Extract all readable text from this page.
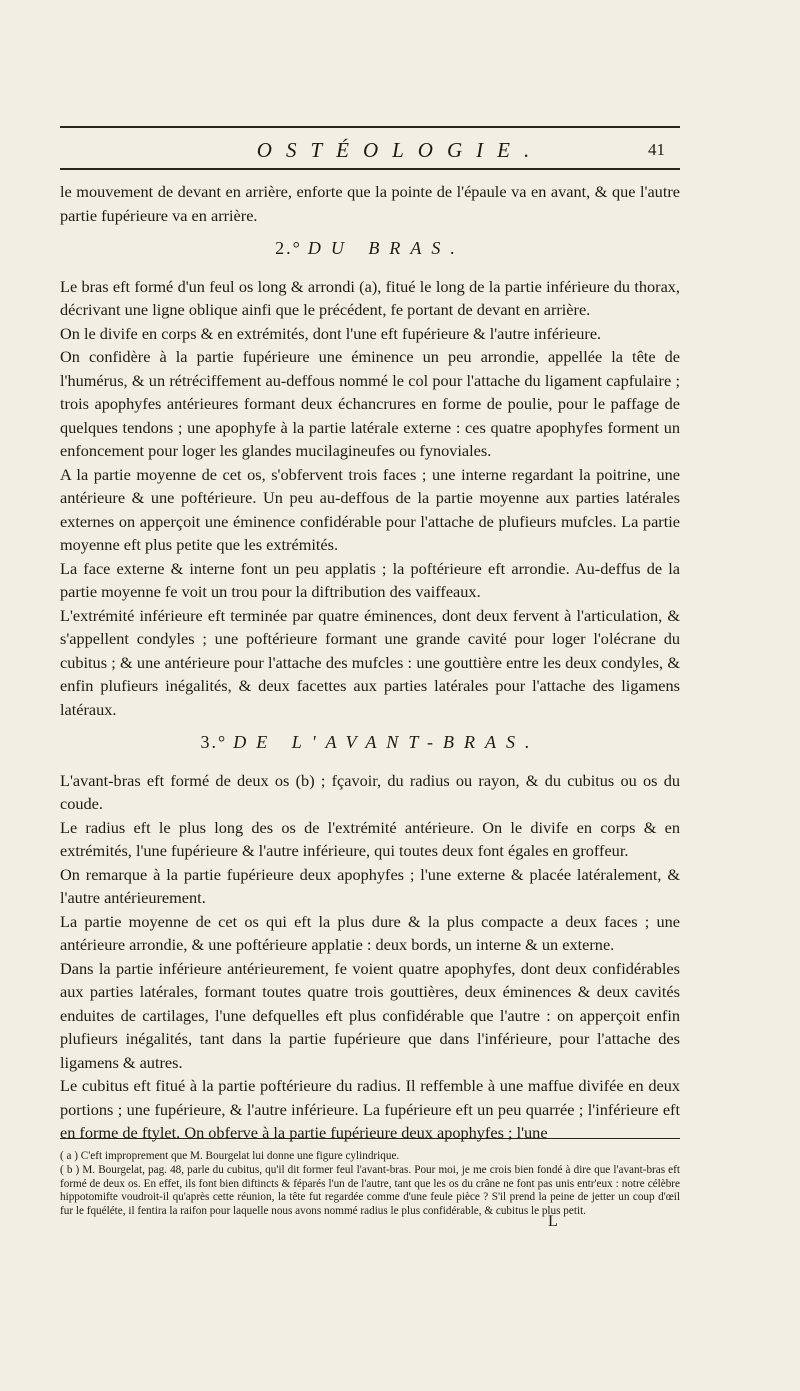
OSTÉOLOGIE.	41

le mouvement de devant en arrière, enforte que la pointe de l'épaule va en avant, & que l'autre partie fupérieure va en arrière.

2.° DU BRAS.

Le bras eft formé d'un feul os long & arrondi (a), fitué le long de la partie inférieure du thorax, décrivant une ligne oblique ainfi que le précédent, fe portant de devant en arrière.

On le divife en corps & en extrémités, dont l'une eft fupérieure & l'autre inférieure.

On confidère à la partie fupérieure une éminence un peu arrondie, appellée la tête de l'humérus, & un rétréciffement au-deffous nommé le col pour l'attache du ligament capfulaire ; trois apophyfes antérieures formant deux échancrures en forme de poulie, pour le paffage de quelques tendons ; une apophyfe à la partie latérale externe : ces quatre apophyfes forment un enfoncement pour loger les glandes mucilagineufes ou fynoviales.

A la partie moyenne de cet os, s'obfervent trois faces ; une interne regardant la poitrine, une antérieure & une poftérieure. Un peu au-deffous de la partie moyenne aux parties latérales externes on apperçoit une éminence confidérable pour l'attache de plufieurs mufcles. La partie moyenne eft plus petite que les extrémités.

La face externe & interne font un peu applatis ; la poftérieure eft arrondie. Au-deffus de la partie moyenne fe voit un trou pour la diftribution des vaiffeaux.

L'extrémité inférieure eft terminée par quatre éminences, dont deux fervent à l'articulation, & s'appellent condyles ; une poftérieure formant une grande cavité pour loger l'olécrane du cubitus ; & une antérieure pour l'attache des mufcles : une gouttière entre les deux condyles, & enfin plufieurs inégalités, & deux facettes aux parties latérales pour l'attache des ligamens latéraux.

3.° DE L'AVANT-BRAS.

L'avant-bras eft formé de deux os (b) ; fçavoir, du radius ou rayon, & du cubitus ou os du coude.

Le radius eft le plus long des os de l'extrémité antérieure. On le divife en corps & en extrémités, l'une fupérieure & l'autre inférieure, qui toutes deux font égales en groffeur.

On remarque à la partie fupérieure deux apophyfes ; l'une externe & placée latéralement, & l'autre antérieurement.

La partie moyenne de cet os qui eft la plus dure & la plus compacte a deux faces ; une antérieure arrondie, & une poftérieure applatie : deux bords, un interne & un externe.

Dans la partie inférieure antérieurement, fe voient quatre apophyfes, dont deux confidérables aux parties latérales, formant toutes quatre trois gouttières, deux éminences & deux cavités enduites de cartilages, l'une defquelles eft plus confidérable que l'autre : on apperçoit enfin plufieurs inégalités, tant dans la partie fupérieure que dans l'inférieure, pour l'attache des ligamens & autres.

Le cubitus eft fitué à la partie poftérieure du radius. Il reffemble à une maffue divifée en deux portions ; une fupérieure, & l'autre inférieure. La fupérieure eft un peu quarrée ; l'inférieure eft en forme de ftylet. On obferve à la partie fupérieure deux apophyfes ; l'une

( a ) C'eft improprement que M. Bourgelat lui donne une figure cylindrique.

( b ) M. Bourgelat, pag. 48, parle du cubitus, qu'il dit former feul l'avant-bras. Pour moi, je me crois bien fondé à dire que l'avant-bras eft formé de deux os. En effet, ils font bien diftincts & féparés l'un de l'autre, tant que les os du crâne ne font pas unis entr'eux : notre célèbre hippotomifte voudroit-il qu'après cette réunion, la tête fut regardée comme d'une feule pièce ? S'il prend la peine de jetter un coup d'œil fur le fquéléte, il fentira la raifon pour laquelle nous avons nommé radius le plus confidérable, & cubitus le plus petit.

L
